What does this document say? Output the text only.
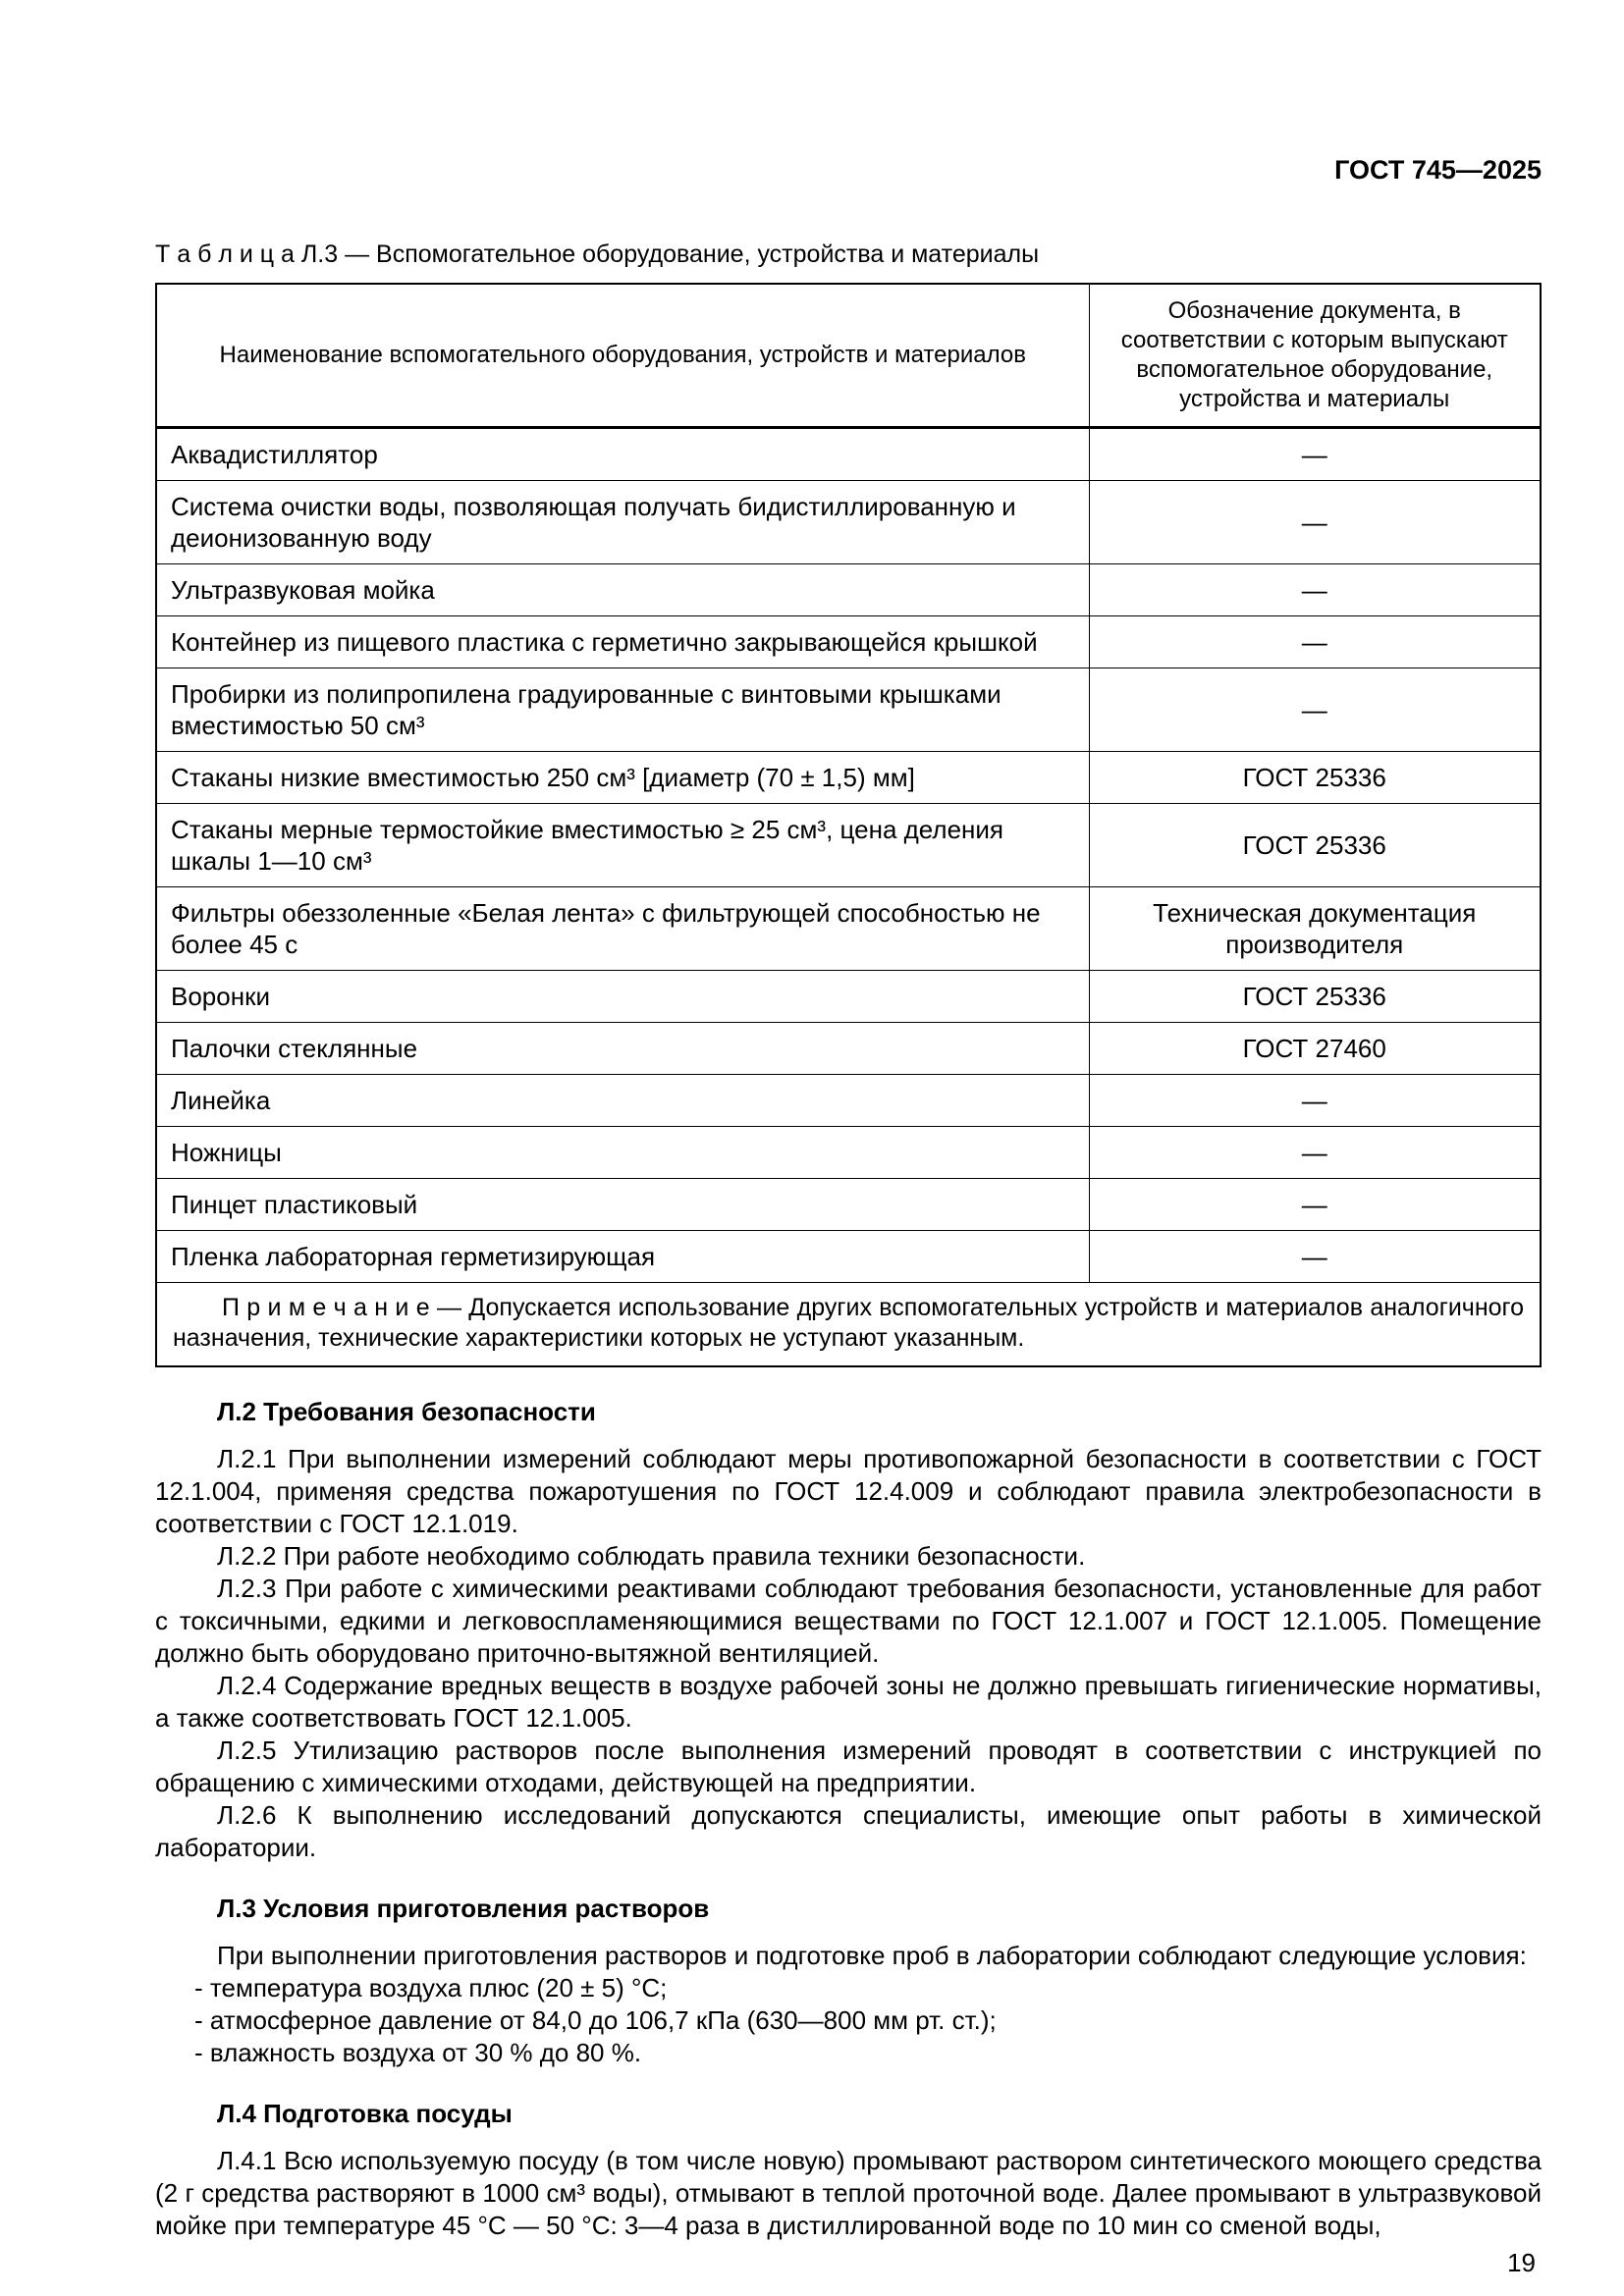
ГОСТ 745—2025
Т а б л и ц а Л.3 — Вспомогательное оборудование, устройства и материалы
Наименование вспомогательного оборудования, устройств и материалов	Обозначение документа, в соответствии с которым выпускают вспомогательное оборудование, устройства и материалы
Аквадистиллятор	—
Система очистки воды, позволяющая получать бидистиллированную и деионизованную воду	—
Ультразвуковая мойка	—
Контейнер из пищевого пластика с герметично закрывающейся крышкой	—
Пробирки из полипропилена градуированные с винтовыми крышками вместимостью 50 см³	—
Стаканы низкие вместимостью 250 см³ [диаметр (70 ± 1,5) мм]	ГОСТ 25336
Стаканы мерные термостойкие вместимостью ≥ 25 см³, цена деления шкалы 1—10 см³	ГОСТ 25336
Фильтры обеззоленные «Белая лента» с фильтрующей способностью не более 45 с	Техническая документация производителя
Воронки	ГОСТ 25336
Палочки стеклянные	ГОСТ 27460
Линейка	—
Ножницы	—
Пинцет пластиковый	—
Пленка лабораторная герметизирующая	—
П р и м е ч а н и е — Допускается использование других вспомогательных устройств и материалов аналогичного назначения, технические характеристики которых не уступают указанным.	

Л.2 Требования безопасности

Л.2.1 При выполнении измерений соблюдают меры противопожарной безопасности в соответствии с ГОСТ 12.1.004, применяя средства пожаротушения по ГОСТ 12.4.009 и соблюдают правила электробезопасности в соответствии с ГОСТ 12.1.019.

Л.2.2 При работе необходимо соблюдать правила техники безопасности.

Л.2.3 При работе с химическими реактивами соблюдают требования безопасности, установленные для работ с токсичными, едкими и легковоспламеняющимися веществами по ГОСТ 12.1.007 и ГОСТ 12.1.005. Помещение должно быть оборудовано приточно-вытяжной вентиляцией.

Л.2.4 Содержание вредных веществ в воздухе рабочей зоны не должно превышать гигиенические нормативы, а также соответствовать ГОСТ 12.1.005.

Л.2.5 Утилизацию растворов после выполнения измерений проводят в соответствии с инструкцией по обращению с химическими отходами, действующей на предприятии.

Л.2.6 К выполнению исследований допускаются специалисты, имеющие опыт работы в химической лаборатории.

Л.3 Условия приготовления растворов

При выполнении приготовления растворов и подготовке проб в лаборатории соблюдают следующие условия:

- температура воздуха плюс (20 ± 5) °С;

- атмосферное давление от 84,0 до 106,7 кПа (630—800 мм рт. ст.);

- влажность воздуха от 30 % до 80 %.

Л.4 Подготовка посуды

Л.4.1 Всю используемую посуду (в том числе новую) промывают раствором синтетического моющего средства (2 г средства растворяют в 1000 см³ воды), отмывают в теплой проточной воде. Далее промывают в ультразвуковой мойке при температуре 45 °С — 50 °С: 3—4 раза в дистиллированной воде по 10 мин со сменой воды,

19
